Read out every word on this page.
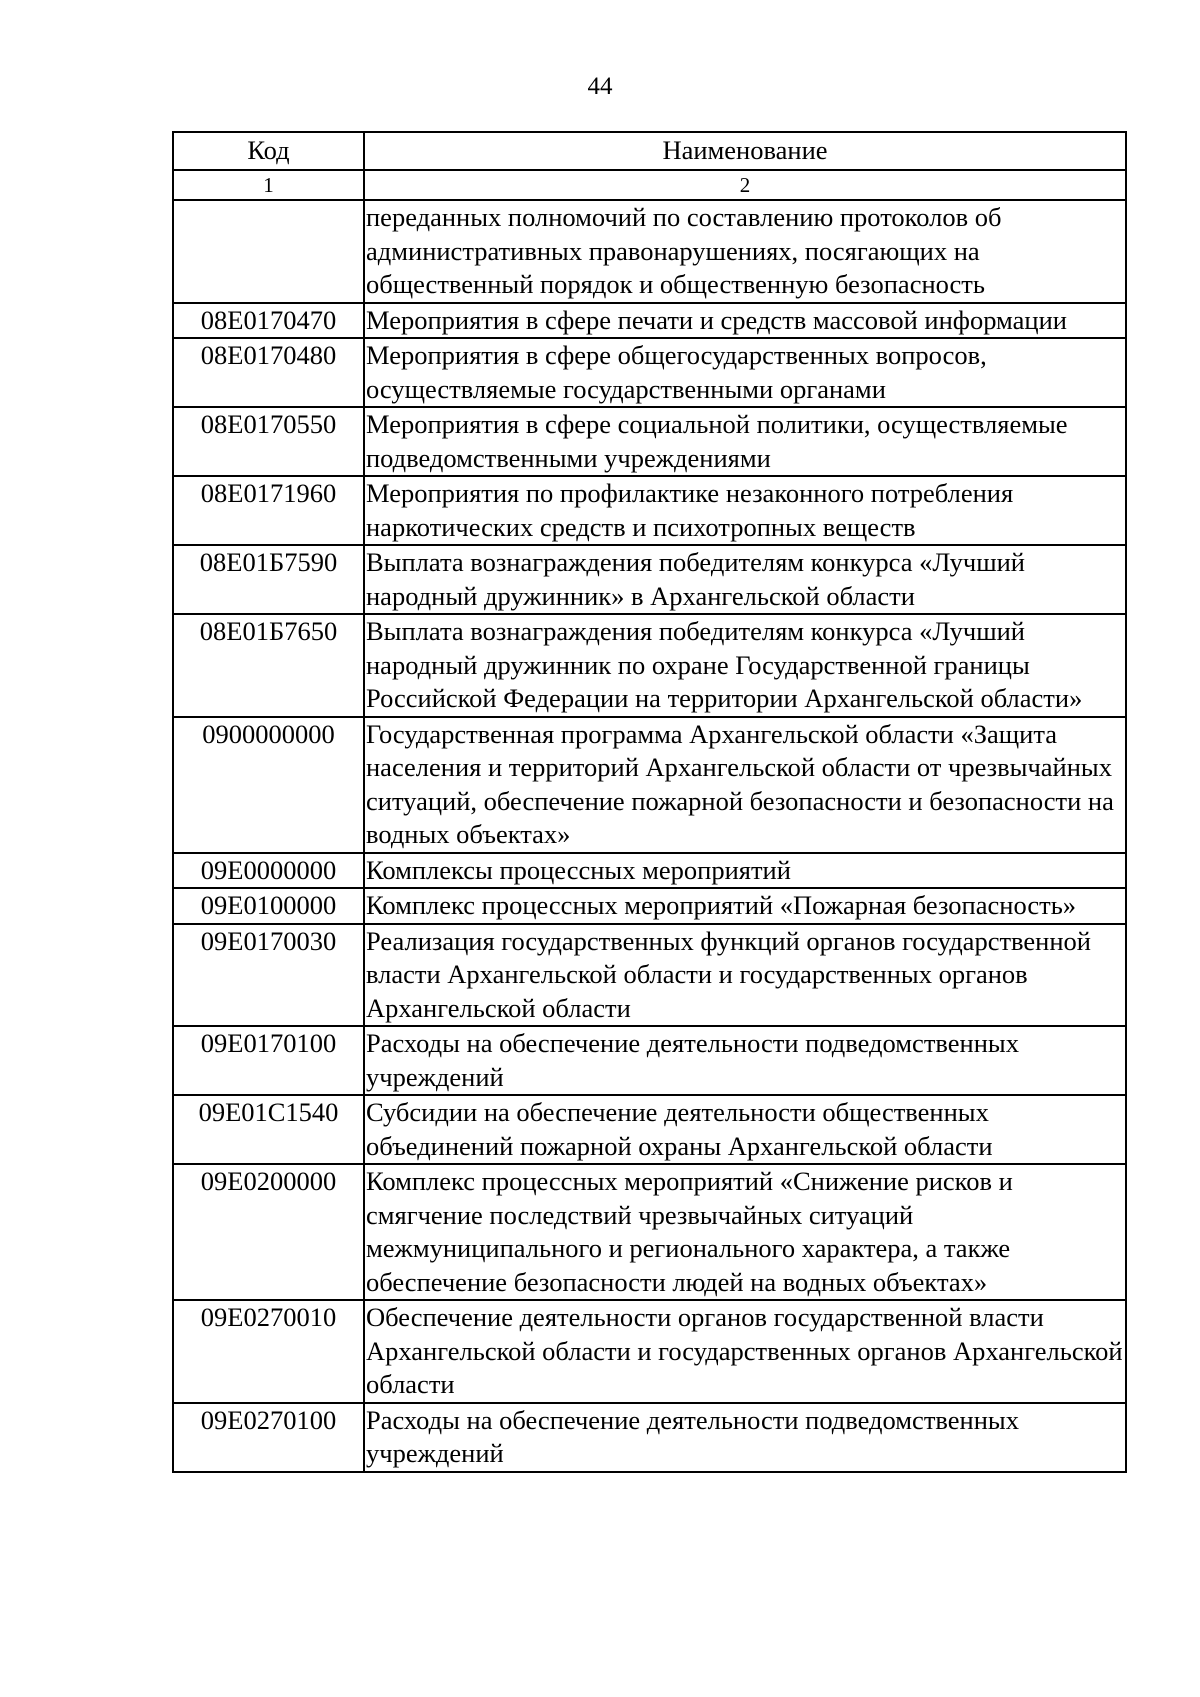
44
Код	Наименование
1	2
	переданных полномочий по составлению протоколов об административных правонарушениях, посягающих на общественный порядок и общественную безопасность
08Е0170470	Мероприятия в сфере печати и средств массовой информации
08Е0170480	Мероприятия в сфере общегосударственных вопросов, осуществляемые государственными органами
08Е0170550	Мероприятия в сфере социальной политики, осуществляемые подведомственными учреждениями
08Е0171960	Мероприятия по профилактике незаконного потребления наркотических средств и психотропных веществ
08Е01Б7590	Выплата вознаграждения победителям конкурса «Лучший народный дружинник» в Архангельской области
08Е01Б7650	Выплата вознаграждения победителям конкурса «Лучший народный дружинник по охране Государственной границы Российской Федерации на территории Архангельской области»
0900000000	Государственная программа Архангельской области «Защита населения и территорий Архангельской области от чрезвычайных ситуаций, обеспечение пожарной безопасности и безопасности на водных объектах»
09Е0000000	Комплексы процессных мероприятий
09Е0100000	Комплекс процессных мероприятий «Пожарная безопасность»
09Е0170030	Реализация государственных функций органов государственной власти Архангельской области и государственных органов Архангельской области
09Е0170100	Расходы на обеспечение деятельности подведомственных учреждений
09Е01С1540	Субсидии на обеспечение деятельности общественных объединений пожарной охраны Архангельской области
09Е0200000	Комплекс процессных мероприятий «Снижение рисков и смягчение последствий чрезвычайных ситуаций межмуниципального и регионального характера, а также обеспечение безопасности людей на водных объектах»
09Е0270010	Обеспечение деятельности органов государственной власти Архангельской области и государственных органов Архангельской области
09Е0270100	Расходы на обеспечение деятельности подведомственных учреждений
